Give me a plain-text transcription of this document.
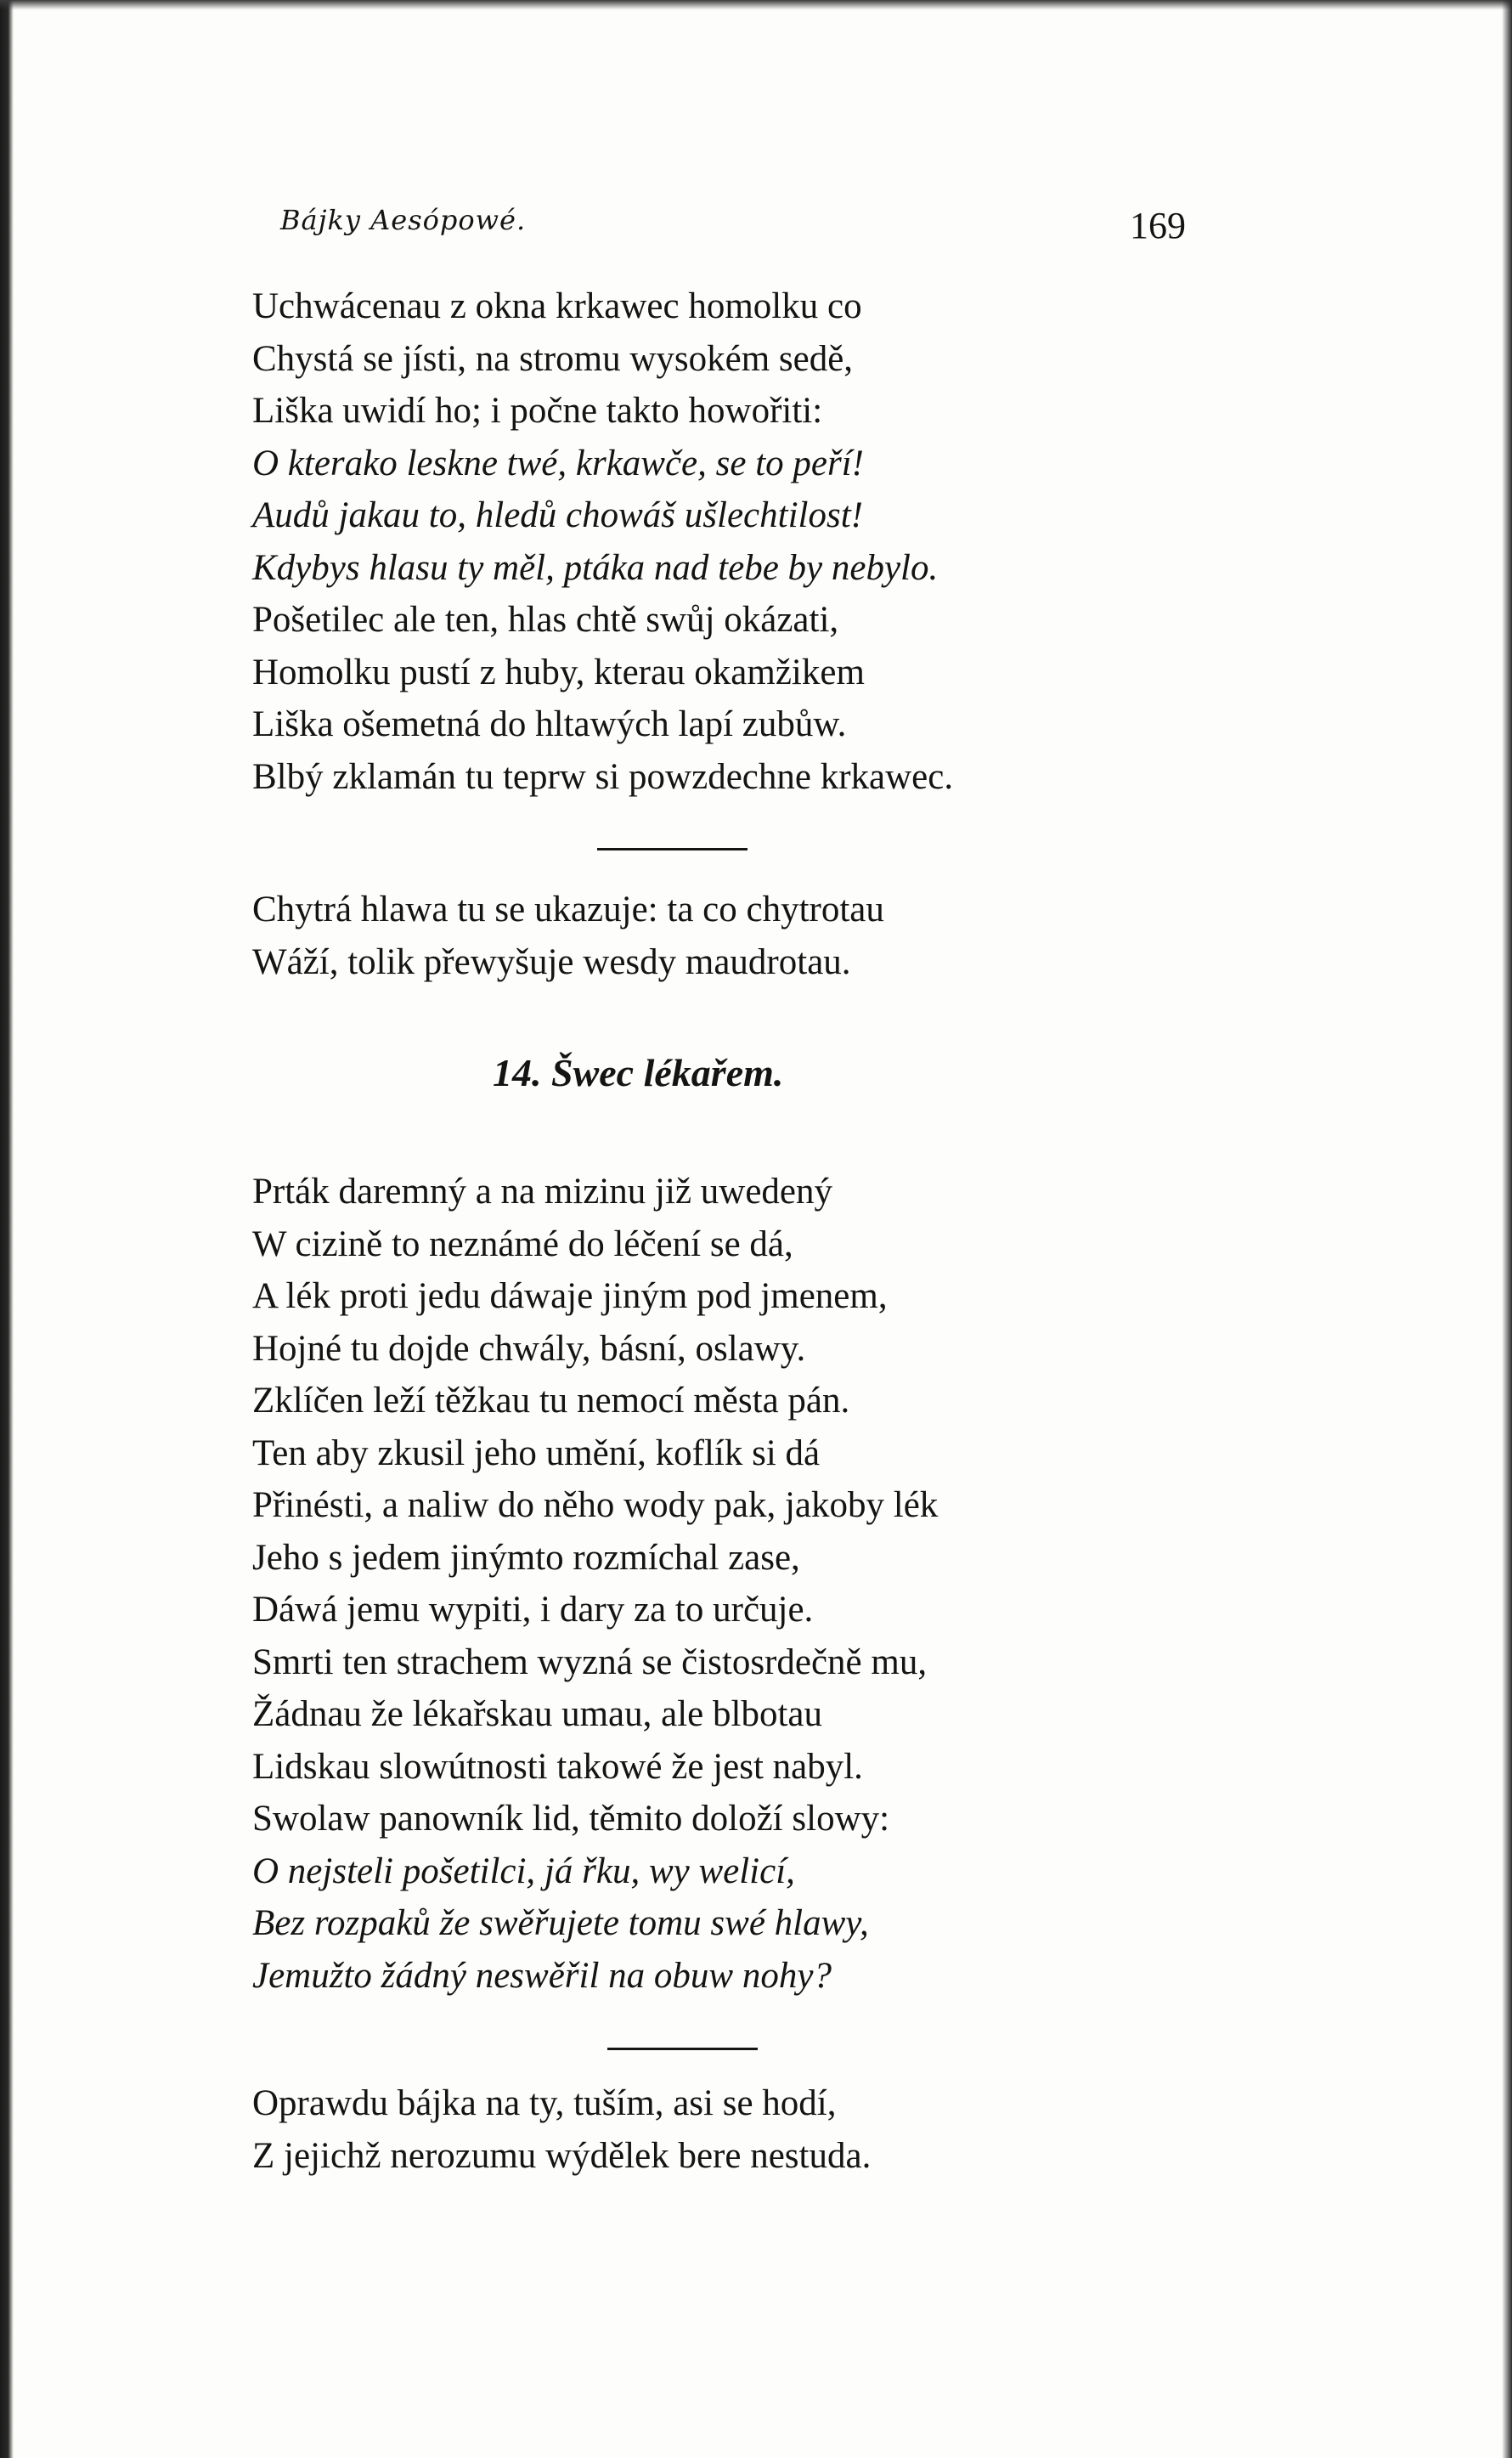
Bájky Aesópowé.	169
Uchwácenau z okna krkawec homolku co
Chystá se jísti, na stromu wysokém sedě,
Liška uwidí ho; i počne takto howořiti:
O kterako leskne twé, krkawče, se to peří!
Audů jakau to, hledů chowáš ušlechtilost!
Kdybys hlasu ty měl, ptáka nad tebe by nebylo.
Pošetilec ale ten, hlas chtě swůj okázati,
Homolku pustí z huby, kterau okamžikem
Liška ošemetná do hltawých lapí zubůw.
Blbý zklamán tu teprw si powzdechne krkawec.
Chytrá hlawa tu se ukazuje: ta co chytrotau
Wáží, tolik přewyšuje wesdy maudrotau.
14. Šwec lékařem.
Prták daremný a na mizinu již uwedený
W cizině to neznámé do léčení se dá,
A lék proti jedu dáwaje jiným pod jmenem,
Hojné tu dojde chwály, básní, oslawy.
Zklíčen leží těžkau tu nemocí města pán.
Ten aby zkusil jeho umění, koflík si dá
Přinésti, a naliw do něho wody pak, jakoby lék
Jeho s jedem jinýmto rozmíchal zase,
Dáwá jemu wypiti, i dary za to určuje.
Smrti ten strachem wyzná se čistosrdečně mu,
Žádnau že lékařskau umau, ale blbotau
Lidskau slowútnosti takowé že jest nabyl.
Swolaw panowník lid, těmito doloží slowy:
O nejsteli pošetilci, já řku, wy welicí,
Bez rozpaků že swěřujete tomu swé hlawy,
Jemužto žádný neswěřil na obuw nohy?
Oprawdu bájka na ty, tuším, asi se hodí,
Z jejichž nerozumu wýdělek bere nestuda.
